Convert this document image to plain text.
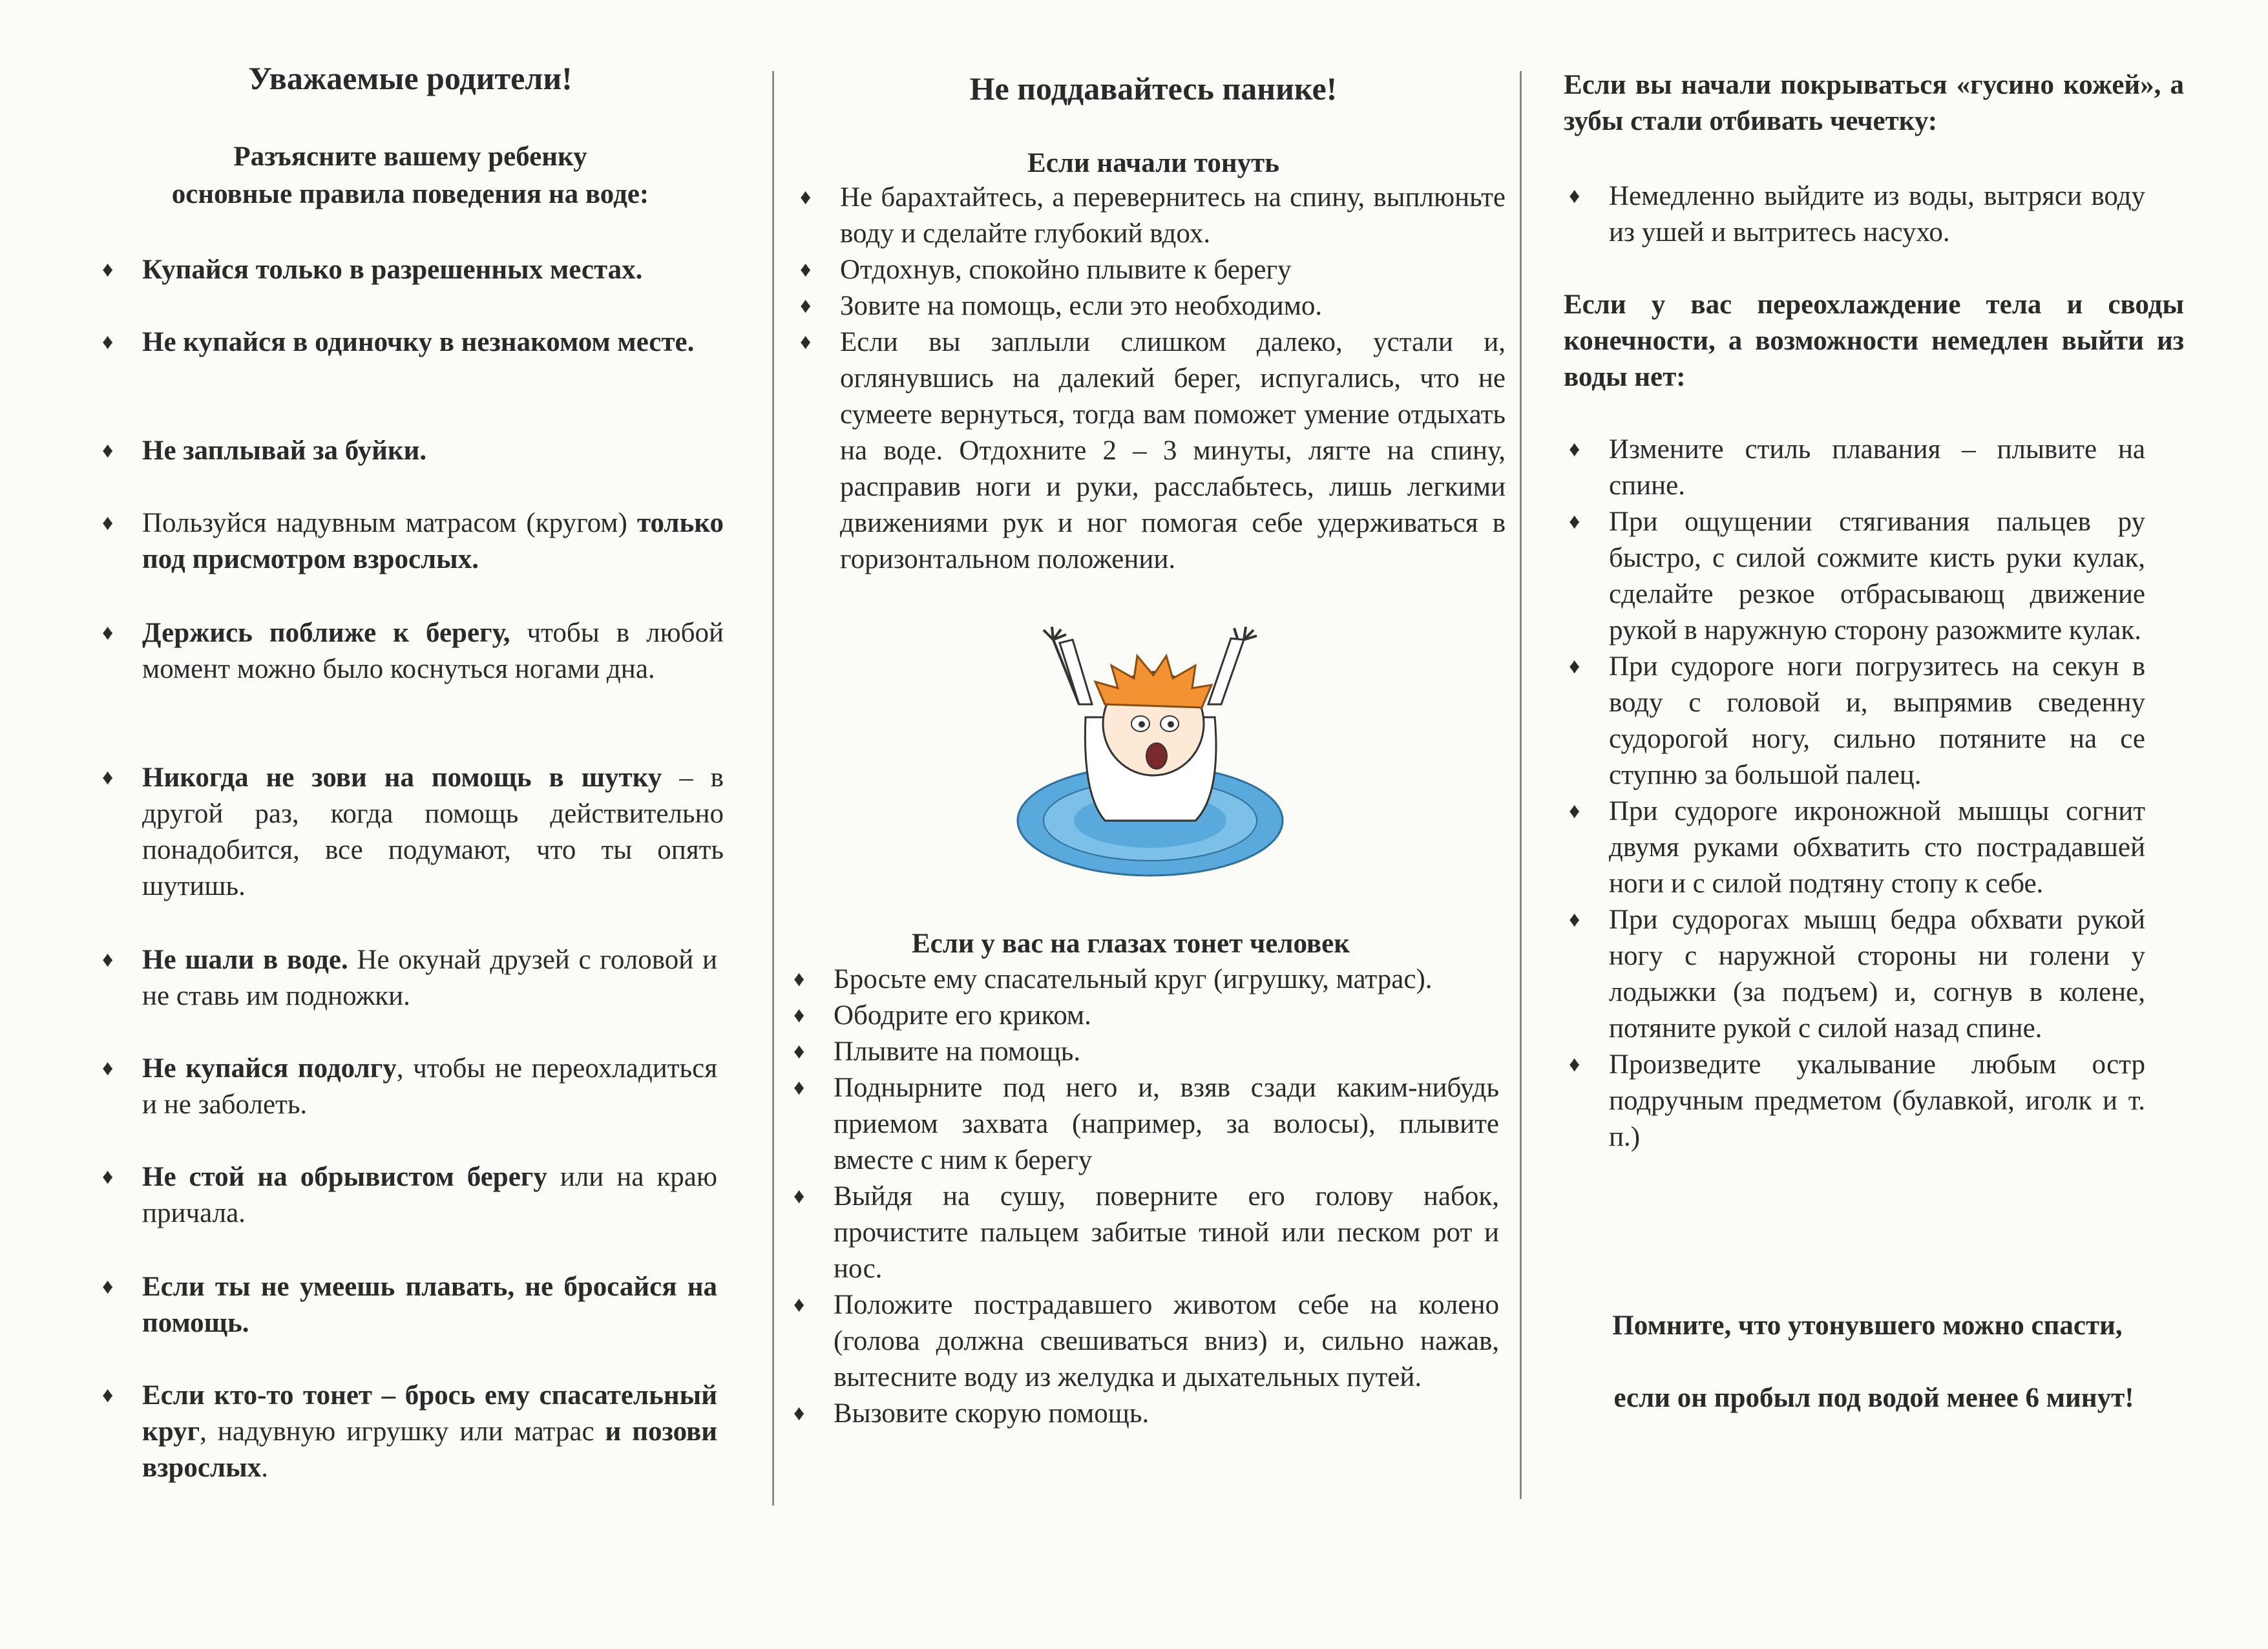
Уважаемые родители!
Разъясните вашему ребенку
основные правила поведения на воде:
♦ Купайся только в разрешенных местах.
♦ Не купайся в одиночку в незнакомом месте.
♦ Не заплывай за буйки.
♦ Пользуйся надувным матрасом (кругом) только под присмотром взрослых.
♦ Держись поближе к берегу, чтобы в любой момент можно было коснуться ногами дна.
♦ Никогда не зови на помощь в шутку – в другой раз, когда помощь действительно понадобится, все подумают, что ты опять шутишь.
♦ Не шали в воде. Не окунай друзей с головой и не ставь им подножки.
♦ Не купайся подолгу, чтобы не переохладиться и не заболеть.
♦ Не стой на обрывистом берегу или на краю причала.
♦ Если ты не умеешь плавать, не бросайся на помощь.
♦ Если кто-то тонет – брось ему спасательный круг, надувную игрушку или матрас и позови взрослых.
Не поддавайтесь панике!
Если начали тонуть
♦ Не барахтайтесь, а перевернитесь на спину, выплюньте воду и сделайте глубокий вдох.
♦ Отдохнув, спокойно плывите к берегу
♦ Зовите на помощь, если это необходимо.
♦ Если вы заплыли слишком далеко, устали и, оглянувшись на далекий берег, испугались, что не сумеете вернуться, тогда вам поможет умение отдыхать на воде. Отдохните 2 – 3 минуты, лягте на спину, расправив ноги и руки, расслабьтесь, лишь легкими движениями рук и ног помогая себе удерживаться в горизонтальном положении.
Если у вас на глазах тонет человек
♦ Бросьте ему спасательный круг (игрушку, матрас).
♦ Ободрите его криком.
♦ Плывите на помощь.
♦ Поднырните под него и, взяв сзади каким-нибудь приемом захвата (например, за волосы), плывите вместе с ним к берегу
♦ Выйдя на сушу, поверните его голову набок, прочистите пальцем забитые тиной или песком рот и нос.
♦ Положите пострадавшего животом себе на колено (голова должна свешиваться вниз) и, сильно нажав, вытесните воду из желудка и дыхательных путей.
♦ Вызовите скорую помощь.
Если вы начали покрываться «гусино кожей», а зубы стали отбивать чечетку:
♦ Немедленно выйдите из воды, вытряси воду из ушей и вытритесь насухо.
Если у вас переохлаждение тела и своды конечности, а возможности немедлен выйти из воды нет:
♦ Измените стиль плавания – плывите на спине.
♦ При ощущении стягивания пальцев ру быстро, с силой сожмите кисть руки кулак, сделайте резкое отбрасывающ движение рукой в наружную сторону разожмите кулак.
♦ При судороге ноги погрузитесь на секун в воду с головой и, выпрямив сведенну судорогой ногу, сильно потяните на се ступню за большой палец.
♦ При судороге икроножной мышцы согнит двумя руками обхватить сто пострадавшей ноги и с силой подтяну стопу к себе.
♦ При судорогах мышц бедра обхвати рукой ногу с наружной стороны ни голени у лодыжки (за подъем) и, согнув в колене, потяните рукой с силой назад спине.
♦ Произведите укалывание любым остр подручным предметом (булавкой, иголк и т. п.)
Помните, что утонувшего можно спасти,
если он пробыл под водой менее 6 минут!
